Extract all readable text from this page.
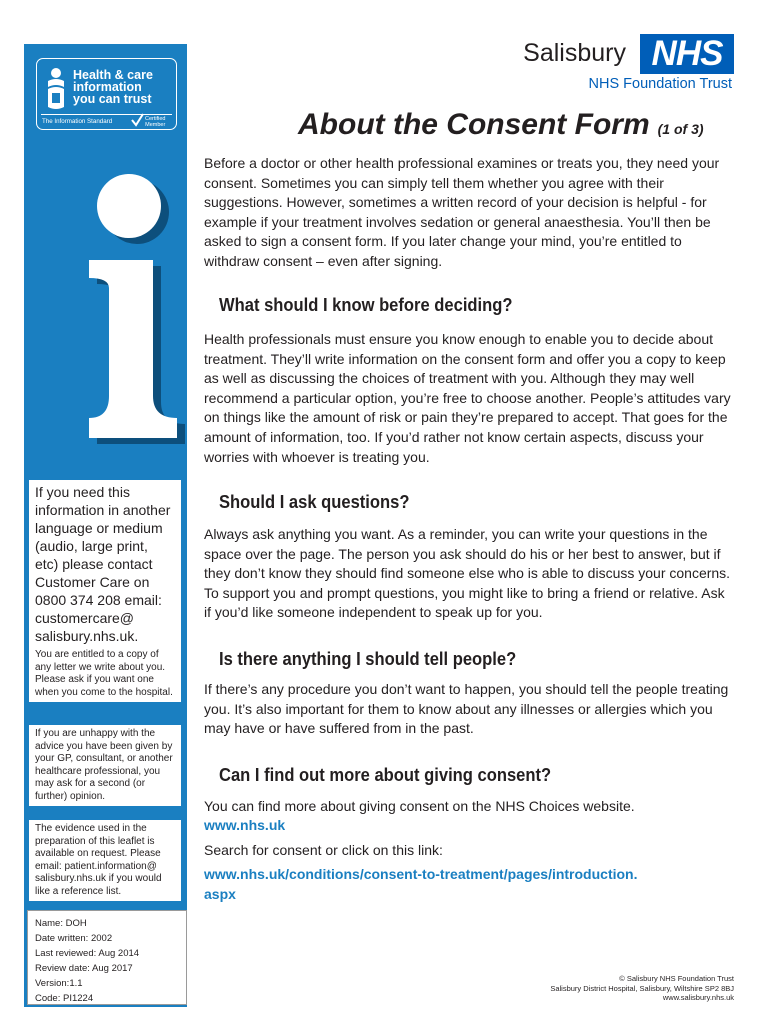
Health & care
information
you can trust
The Information Standard	Certified
Member
If you need this information in another language or medium (audio, large print, etc) please contact Customer Care on 0800 374 208 email: customercare@ salisbury.nhs.uk.
You are entitled to a copy of any letter we write about you. Please ask if you want one when you come to the hospital.
If you are unhappy with the advice you have been given by your GP, consultant, or another healthcare professional, you may ask for a second (or further) opinion.
The evidence used in the preparation of this leaflet is available on request. Please email: patient.information@ salisbury.nhs.uk if you would like a reference list.
Salisbury NHS
NHS Foundation Trust
About the Consent Form (1 of 3)
Before a doctor or other health professional examines or treats you, they need your consent. Sometimes you can simply tell them whether you agree with their suggestions. However, sometimes a written record of your decision is helpful - for example if your treatment involves sedation or general anaesthesia. You’ll then be asked to sign a consent form. If you later change your mind, you’re entitled to withdraw consent – even after signing.
What should I know before deciding?
Health professionals must ensure you know enough to enable you to decide about treatment. They’ll write information on the consent form and offer you a copy to keep as well as discussing the choices of treatment with you. Although they may well recommend a particular option, you’re free to choose another. People’s attitudes vary on things like the amount of risk or pain they’re prepared to accept. That goes for the amount of information, too. If you’d rather not know certain aspects, discuss your worries with whoever is treating you.
Should I ask questions?
Always ask anything you want. As a reminder, you can write your questions in the space over the page. The person you ask should do his or her best to answer, but if they don’t know they should find someone else who is able to discuss your concerns. To support you and prompt questions, you might like to bring a friend or relative. Ask if you’d like someone independent to speak up for you.
Is there anything I should tell people?
If there’s any procedure you don’t want to happen, you should tell the people treating you. It’s also important for them to know about any illnesses or allergies which you may have or have suffered from in the past.
Can I find out more about giving consent?
You can find more about giving consent on the NHS Choices website.
www.nhs.uk
Search for consent or click on this link:
www.nhs.uk/conditions/consent-to-treatment/pages/introduction.
aspx
Name: DOH
Date written: 2002
Last reviewed: Aug 2014
Review date: Aug 2017
Version:1.1
Code: PI1224
© Salisbury NHS Foundation Trust
Salisbury District Hospital, Salisbury, Wiltshire SP2 8BJ
www.salisbury.nhs.uk
